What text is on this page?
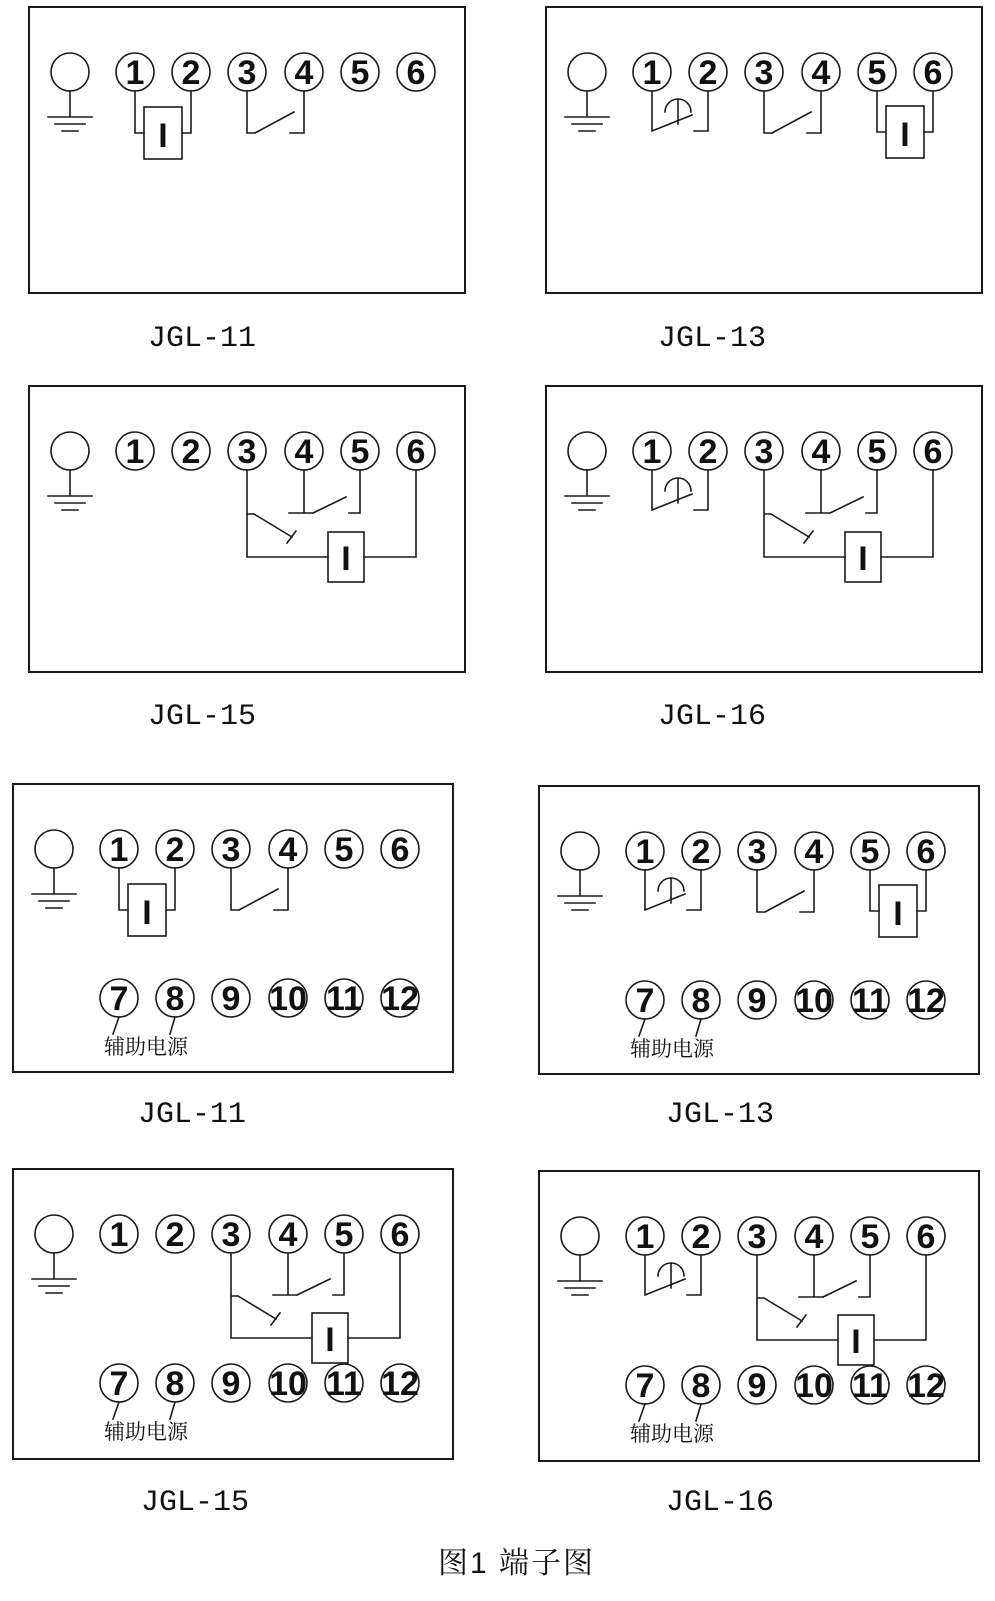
1 2 3 4 5 6
I
1 2 3 4 5 6
I
1 2 3 4 5 6
I
1 2 3 4 5 6
I
1 2 3 4 5 6
I
7 8 9 10 11 12
辅助电源
1 2 3 4 5 6
I
7 8 9 10 11 12
辅助电源
1 2 3 4 5 6
I
7 8 9 10 11 12
辅助电源
1 2 3 4 5 6
I
7 8 9 10 11 12
辅助电源
JGL-11	JGL-13
JGL-15	JGL-16
JGL-11	JGL-13
JGL-15	JGL-16
图1 端子图
